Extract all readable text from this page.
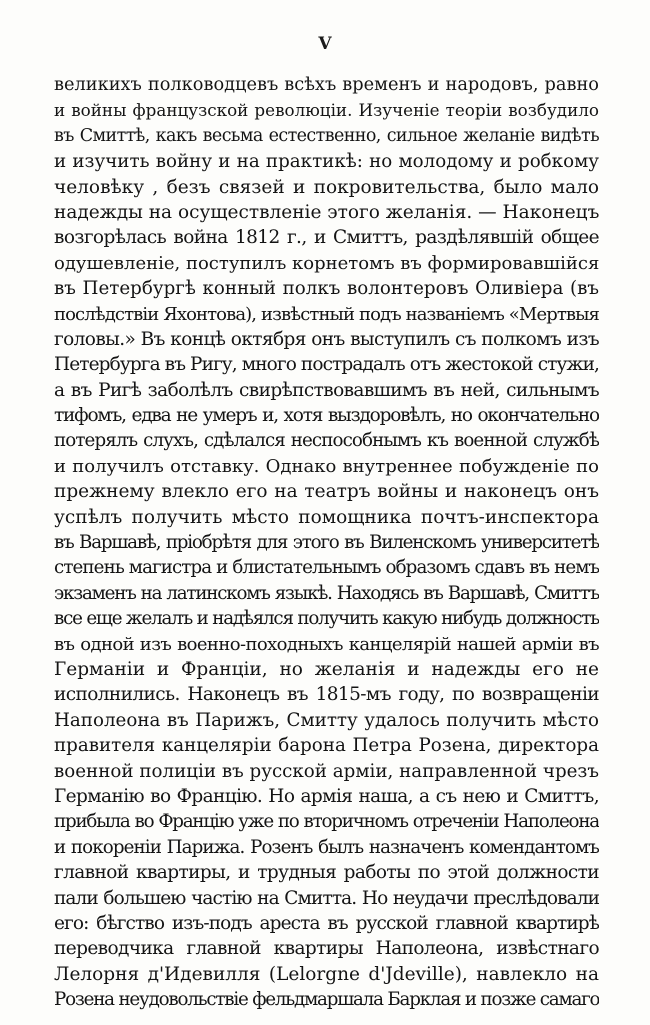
V
великихъ полководцевъ всѣхъ временъ и народовъ, равно
и войны французской революціи. Изученіе теоріи возбудило
въ Смиттѣ, какъ весьма естественно, сильное желаніе видѣть
и изучить войну и на практикѣ: но молодому и робкому
человѣку , безъ связей и покровительства, было мало
надежды на осуществленіе этого желанія. — Наконецъ
возгорѣлась война 1812 г., и Смиттъ, раздѣлявшій общее
одушевленіе, поступилъ корнетомъ въ формировавшійся
въ Петербургѣ конный полкъ волонтеровъ Оливіера (въ
послѣдствіи Яхонтова), извѣстный подъ названіемъ «Мертвыя
головы.» Въ концѣ октября онъ выступилъ съ полкомъ изъ
Петербурга въ Ригу, много пострадалъ отъ жестокой стужи,
а въ Ригѣ заболѣлъ свирѣпствовавшимъ въ ней, сильнымъ
тифомъ, едва не умеръ и, хотя выздоровѣлъ, но окончательно
потерялъ слухъ, сдѣлался неспособнымъ къ военной службѣ
и получилъ отставку. Однако внутреннее побужденіе по
прежнему влекло его на театръ войны и наконецъ онъ
успѣлъ получить мѣсто помощника почтъ-инспектора
въ Варшавѣ, пріобрѣтя для этого въ Виленскомъ университетѣ
степень магистра и блистательнымъ образомъ сдавъ въ немъ
экзаменъ на латинскомъ языкѣ. Находясь въ Варшавѣ, Смиттъ
все еще желалъ и надѣялся получить какую нибудь должность
въ одной изъ военно-походныхъ канцелярій нашей арміи въ
Германіи и Франціи, но желанія и надежды его не
исполнились. Наконецъ въ 1815-мъ году, по возвращеніи
Наполеона въ Парижъ, Смитту удалось получить мѣсто
правителя канцеляріи барона Петра Розена, директора
военной полиціи въ русской арміи, направленной чрезъ
Германію во Францію. Но армія наша, а съ нею и Смиттъ,
прибыла во Францію уже по вторичномъ отреченіи Наполеона
и покореніи Парижа. Розенъ былъ назначенъ комендантомъ
главной квартиры, и трудныя работы по этой должности
пали большею частію на Смитта. Но неудачи преслѣдовали
его: бѣгство изъ-подъ ареста въ русской главной квартирѣ
переводчика главной квартиры Наполеона, извѣстнаго
Лелорня д'Идевилля (Lelorgne d'Jdeville), навлекло на
Розена неудовольствіе фельдмаршала Барклая и позже самаго
